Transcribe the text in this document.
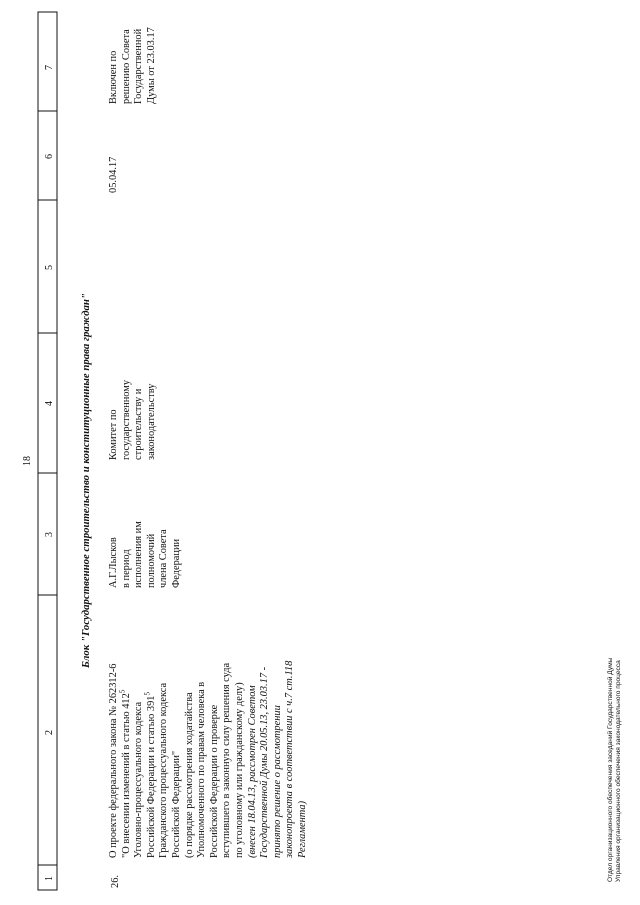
18
1
2
3
4
5
6
7
Блок "Государственное строительство и конституционные права граждан"
26.
О проекте федерального закона № 262312-6 "О внесении изменений в статью $412^5$
Уголовно-процессуального кодекса Российской Федерации и статью $391^5$ Гражданского процессуального кодекса Российской Федерации" (о порядке рассмотрения ходатайства Уполномоченного по правам человека в Российской Федерации о проверке вступившего в законную силу решения суда по уголовному или гражданскому делу) (внесен 18.04.13, рассмотрен Советом Государственной Думы 20.05.13, 23.03.17 - принято решение о рассмотрении законопроекта в соответствии с ч.7 ст.118 Регламента)
А.Г.Лысков в период исполнения им полномочий члена Совета Федерации
Комитет по государственному строительству и законодательству
05.04.17
Включен по решению Совета Государственной Думы от 23.03.17
Отдел организационного обеспечения заседаний Государственной Думы Управления организационного обеспечения законодательного процесса
